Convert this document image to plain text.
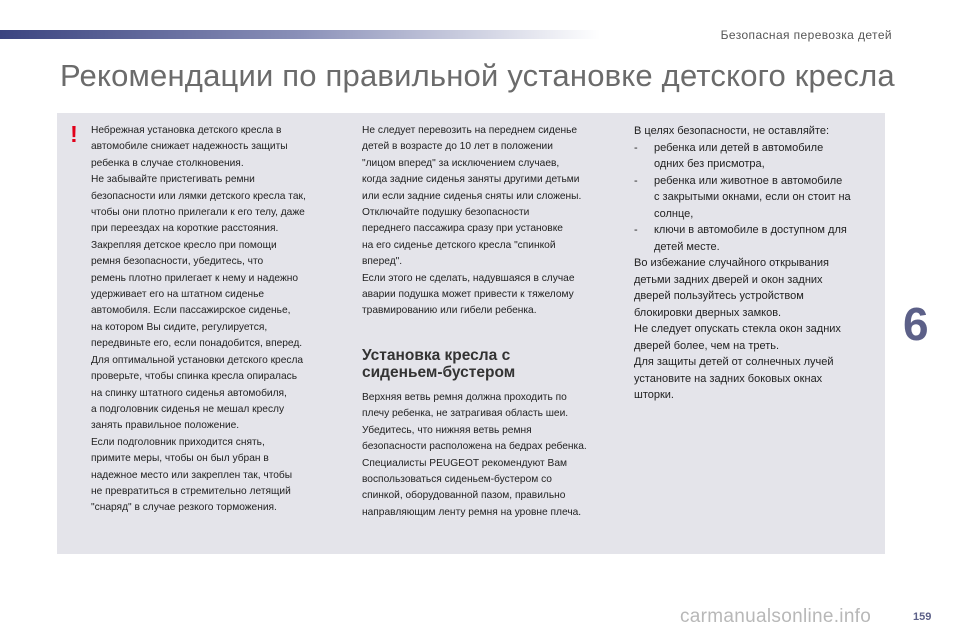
Безопасная перевозка детей
Рекомендации по правильной установке детского кресла
! Небрежная установка детского кресла в
автомобиле снижает надежность защиты
ребенка в случае столкновения.
Не забывайте пристегивать ремни
безопасности или лямки детского кресла так,
чтобы они плотно прилегали к его телу, даже
при переездах на короткие расстояния.
Закрепляя детское кресло при помощи
ремня безопасности, убедитесь, что
ремень плотно прилегает к нему и надежно
удерживает его на штатном сиденье
автомобиля. Если пассажирское сиденье,
на котором Вы сидите, регулируется,
передвиньте его, если понадобится, вперед.
Для оптимальной установки детского кресла
проверьте, чтобы спинка кресла опиралась
на спинку штатного сиденья автомобиля,
а подголовник сиденья не мешал креслу
занять правильное положение.
Если подголовник приходится снять,
примите меры, чтобы он был убран в
надежное место или закреплен так, чтобы
не превратиться в стремительно летящий
"снаряд" в случае резкого торможения.
Не следует перевозить на переднем сиденье
детей в возрасте до 10 лет в положении
"лицом вперед" за исключением случаев,
когда задние сиденья заняты другими детьми
или если задние сиденья сняты или сложены.
Отключайте подушку безопасности
переднего пассажира сразу при установке
на его сиденье детского кресла "спинкой
вперед".
Если этого не сделать, надувшаяся в случае
аварии подушка может привести к тяжелому
травмированию или гибели ребенка.
Установка кресла с
сиденьем-бустером
Верхняя ветвь ремня должна проходить по
плечу ребенка, не затрагивая область шеи.
Убедитесь, что нижняя ветвь ремня
безопасности расположена на бедрах ребенка.
Специалисты PEUGEOT рекомендуют Вам
воспользоваться сиденьем-бустером со
спинкой, оборудованной пазом, правильно
направляющим ленту ремня на уровне плеча.
В целях безопасности, не оставляйте:
-	ребенка или детей в автомобиле
одних без присмотра,
-	ребенка или животное в автомобиле
с закрытыми окнами, если он стоит на
солнце,
-	ключи в автомобиле в доступном для
детей месте.
Во избежание случайного открывания
детьми задних дверей и окон задних
дверей пользуйтесь устройством
блокировки дверных замков.
Не следует опускать стекла окон задних
дверей более, чем на треть.
Для защиты детей от солнечных лучей
установите на задних боковых окнах
шторки.
6
159
carmanualsonline.info
